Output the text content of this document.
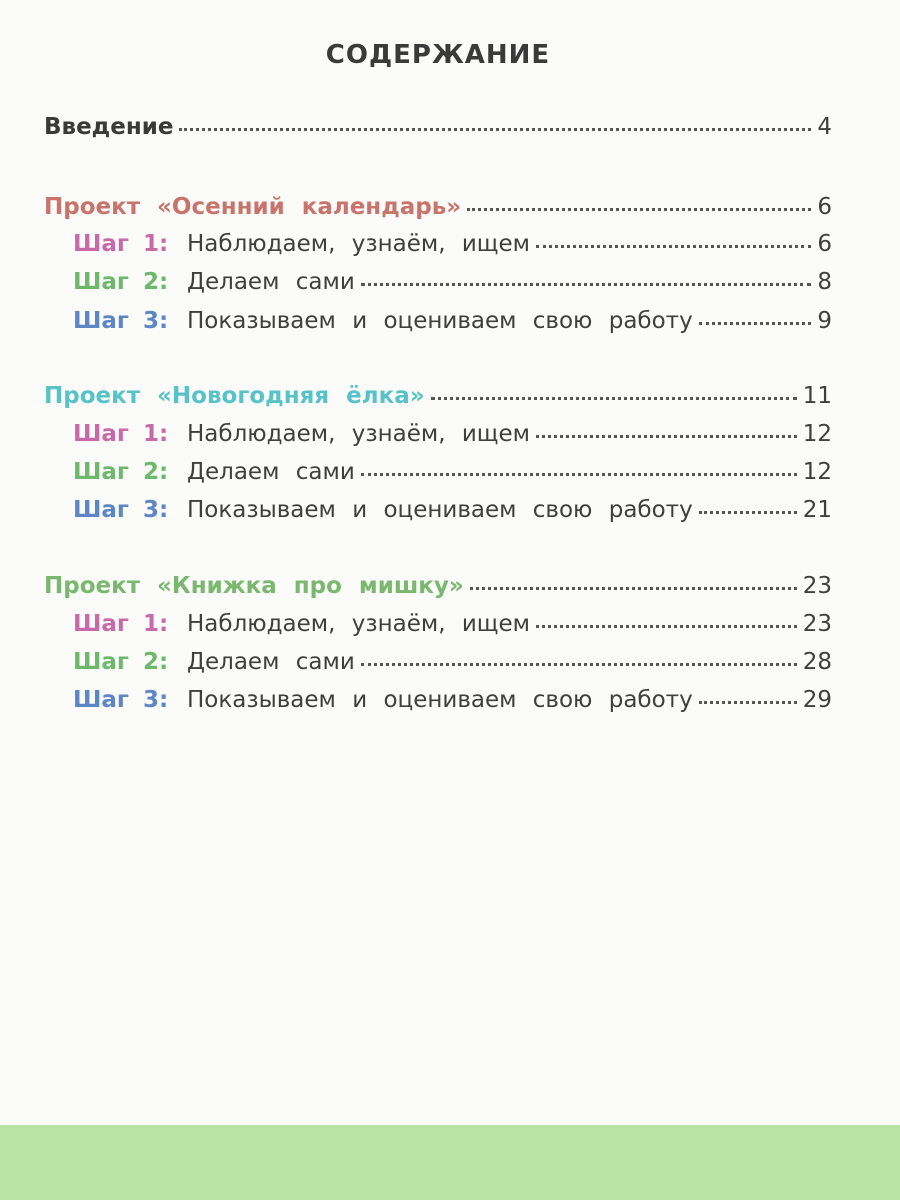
СОДЕРЖАНИЕ
Введение	4
Проект «Осенний календарь»	6
Шаг 1: Наблюдаем, узнаём, ищем	6
Шаг 2: Делаем сами	8
Шаг 3: Показываем и оцениваем свою работу	9
Проект «Новогодняя ёлка»	11
Шаг 1: Наблюдаем, узнаём, ищем	12
Шаг 2: Делаем сами	12
Шаг 3: Показываем и оцениваем свою работу	21
Проект «Книжка про мишку»	23
Шаг 1: Наблюдаем, узнаём, ищем	23
Шаг 2: Делаем сами	28
Шаг 3: Показываем и оцениваем свою работу	29
